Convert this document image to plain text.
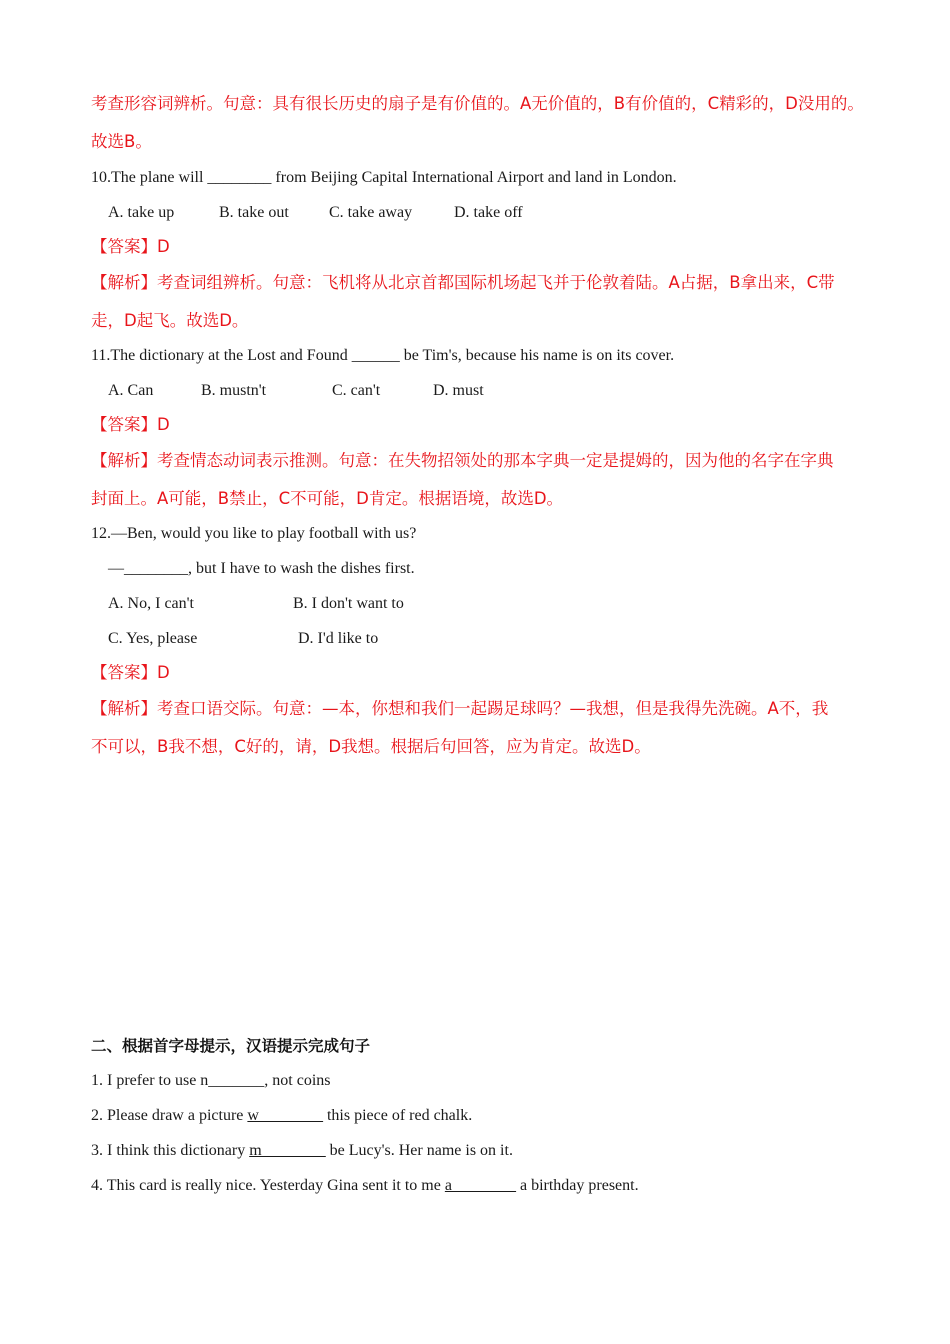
考查形容词辨析。句意：具有很长历史的扇子是有价值的。A无价值的，B有价值的，C精彩的，D没用的。
故选B。
10.The plane will ________ from Beijing Capital International Airport and land in London.
A. take up	B. take out	C. take away	D. take off
【答案】D
【解析】考查词组辨析。句意：飞机将从北京首都国际机场起飞并于伦敦着陆。A占据，B拿出来，C带
走，D起飞。故选D。
11.The dictionary at the Lost and Found ______ be Tim's, because his name is on its cover.
A. Can	B. mustn't	C. can't	D. must
【答案】D
【解析】考查情态动词表示推测。句意：在失物招领处的那本字典一定是提姆的，因为他的名字在字典
封面上。A可能，B禁止，C不可能，D肯定。根据语境，故选D。
12.—Ben, would you like to play football with us?
—________, but I have to wash the dishes first.
A. No, I can't	B. I don't want to
C. Yes, please	D. I'd like to
【答案】D
【解析】考查口语交际。句意：—本，你想和我们一起踢足球吗？—我想，但是我得先洗碗。A不，我
不可以，B我不想，C好的，请，D我想。根据后句回答，应为肯定。故选D。
二、根据首字母提示，汉语提示完成句子
1. I prefer to use n_______, not coins
2. Please draw a picture w________ this piece of red chalk.
3. I think this dictionary m________ be Lucy's. Her name is on it.
4. This card is really nice. Yesterday Gina sent it to me a________ a birthday present.
